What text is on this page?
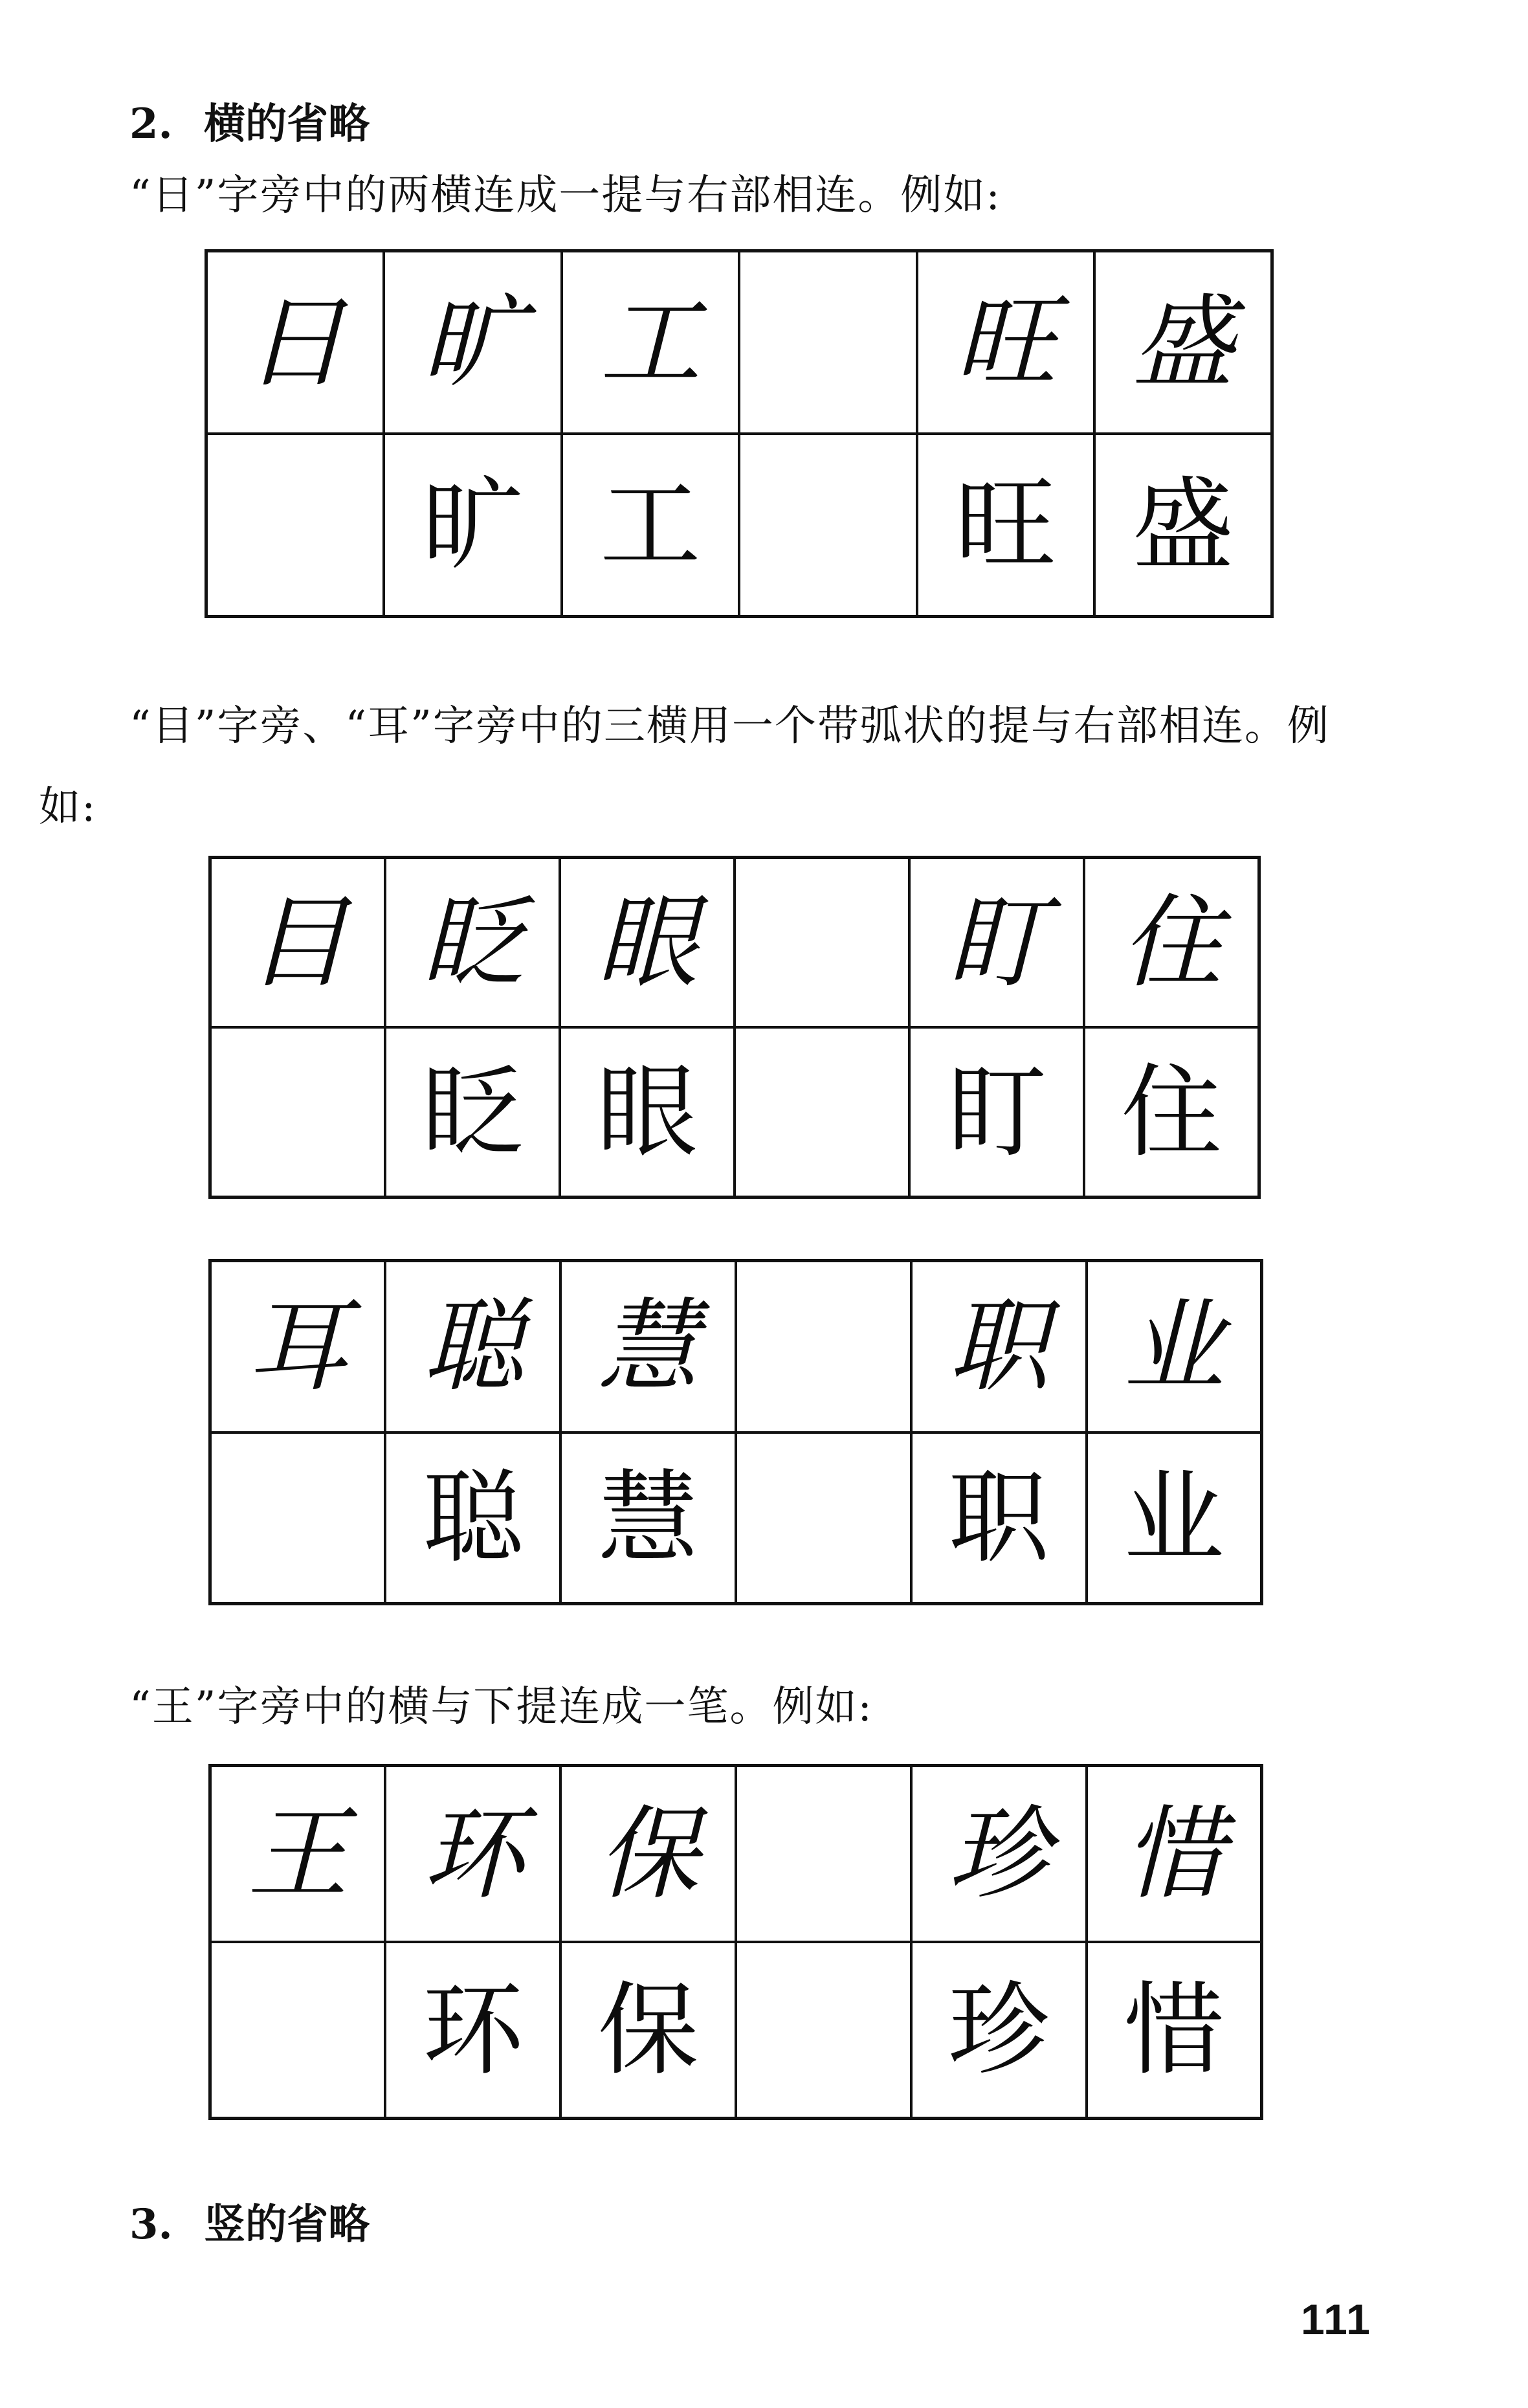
2. 横的省略
“日”字旁中的两横连成一提与右部相连。例如:
日	旷	工		旺	盛
	旷	工		旺	盛
“目”字旁、“耳”字旁中的三横用一个带弧状的提与右部相连。例
如:
目	眨	眼		盯	住
	眨	眼		盯	住
耳	聪	慧		职	业
	聪	慧		职	业
“王”字旁中的横与下提连成一笔。例如:
王	环	保		珍	惜
	环	保		珍	惜
3. 竖的省略
111
